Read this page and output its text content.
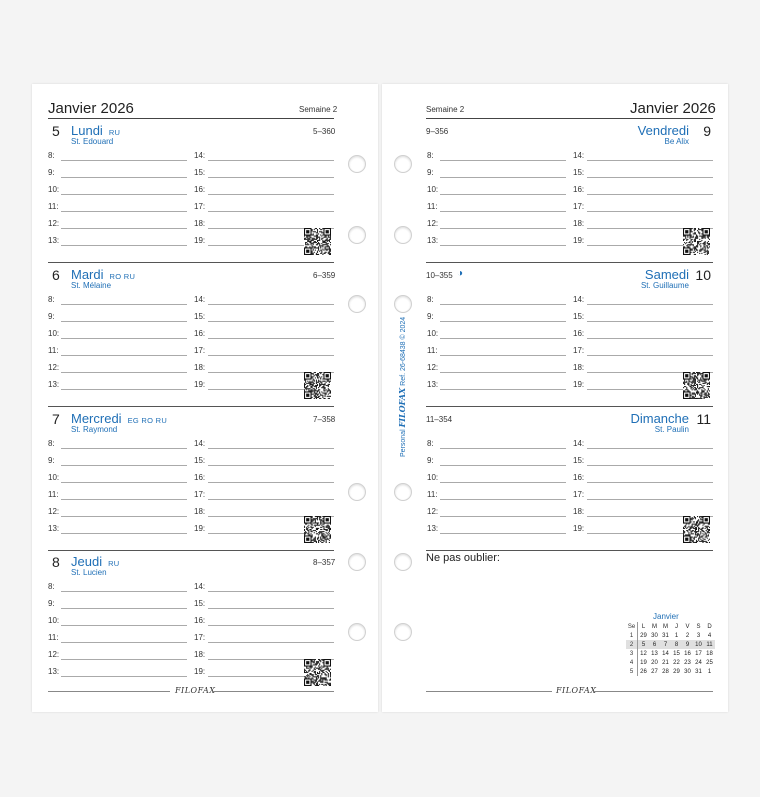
Janvier 2026	Semaine 2
5 Lundi RU
St. Edouard
5–360
8:	14:
9:	15:
10:	16:
11:	17:
12:	18:
13:	19:
6 Mardi RO RU
St. Mélaine
6–359
8:	14:
9:	15:
10:	16:
11:	17:
12:	18:
13:	19:
7 Mercredi EG RO RU
St. Raymond
7–358
8:	14:
9:	15:
10:	16:
11:	17:
12:	18:
13:	19:
8 Jeudi RU
St. Lucien
8–357
8:	14:
9:	15:
10:	16:
11:	17:
12:	18:
13:	19:
FILOFAX
Semaine 2	Janvier 2026
9–356	Vendredi
Be Alix
9
8:	14:
9:	15:
10:	16:
11:	17:
12:	18:
13:	19:
10–355 ◑	Samedi
St. Guillaume
10
8:	14:
9:	15:
10:	16:
11:	17:
12:	18:
13:	19:
11–354	Dimanche
St. Paulin
11
8:	14:
9:	15:
10:	16:
11:	17:
12:	18:
13:	19:
Ne pas oublier:
Janvier
Se	L	M	M	J	V	S	D
1	29	30	31	1	2	3	4
2	5	6	7	8	9	10	11
3	12	13	14	15	16	17	18
4	19	20	21	22	23	24	25
5	26	27	28	29	30	31	1
FILOFAX
Personal FILOFAX Ref. 26-68438 © 2024
